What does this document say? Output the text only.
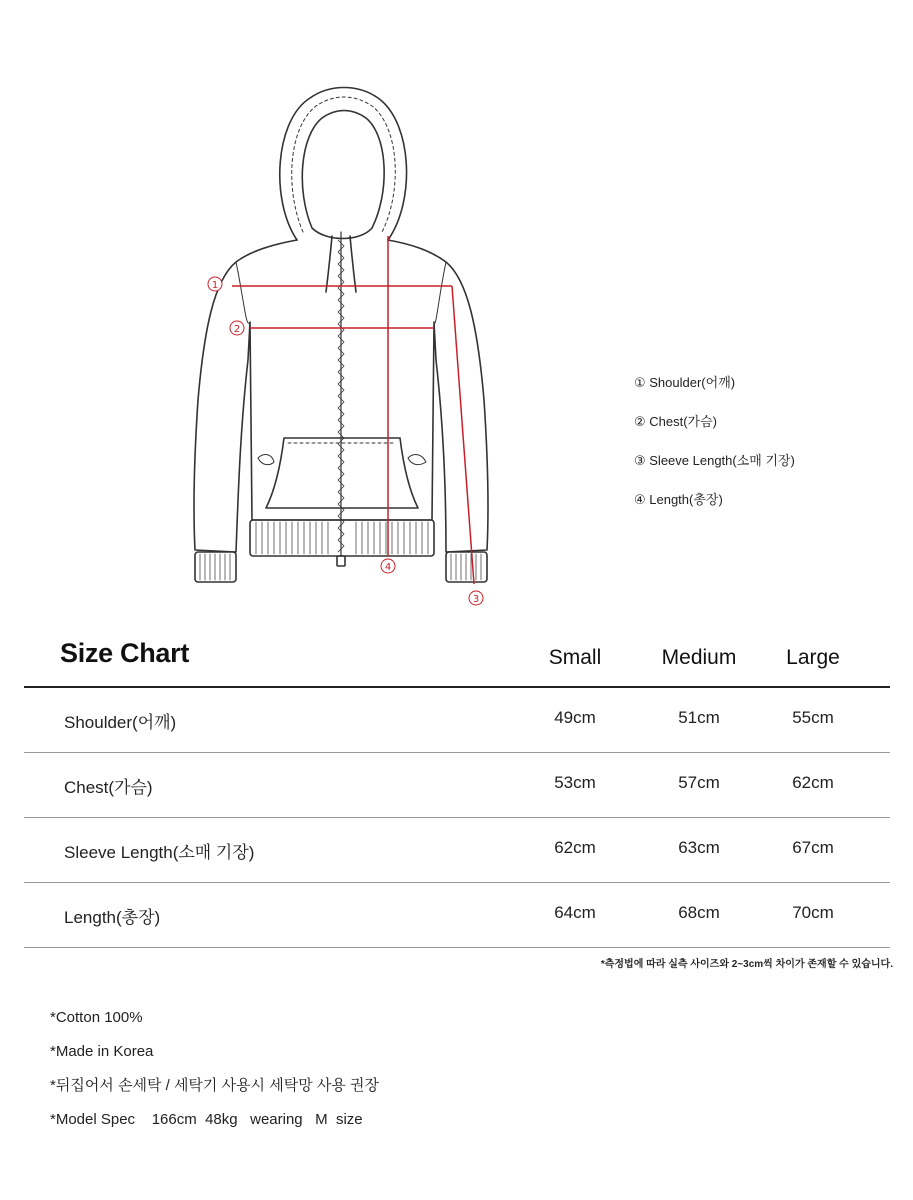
1
2
3
4
① Shoulder(어깨)
② Chest(가슴)
③ Sleeve Length(소매 기장)
④ Length(총장)
Size Chart	Small	Medium	Large
Shoulder(어깨)	49cm	51cm	55cm
Chest(가슴)	53cm	57cm	62cm
Sleeve Length(소매 기장)	62cm	63cm	67cm
Length(총장)	64cm	68cm	70cm
*측정법에 따라 실측 사이즈와 2~3cm씩 차이가 존재할 수 있습니다.
*Cotton 100%
*Made in Korea
*뒤집어서 손세탁 / 세탁기 사용시 세탁망 사용 권장
*Model Spec    166cm  48kg   wearing   M  size
